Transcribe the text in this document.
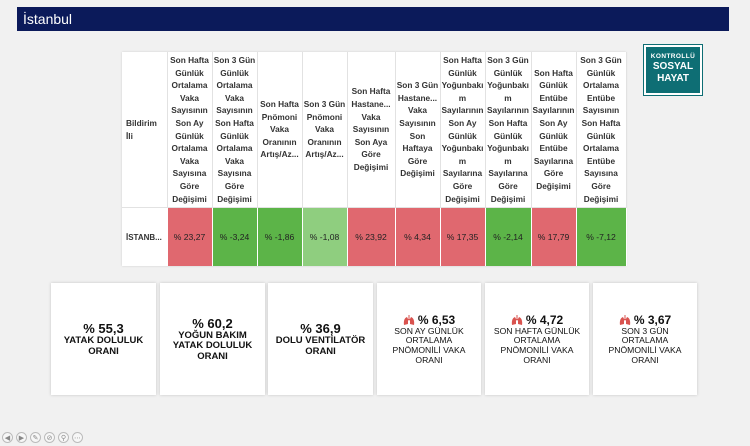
İstanbul
Bildirim İli	Son Hafta Günlük Ortalama Vaka Sayısının Son Ay Günlük Ortalama Vaka Sayısına Göre Değişimi	Son 3 Gün Günlük Ortalama Vaka Sayısının Son Hafta Günlük Ortalama Vaka Sayısına Göre Değişimi	Son Hafta Pnömoni Vaka Oranının Artış/Az...	Son 3 Gün Pnömoni Vaka Oranının Artış/Az...	Son Hafta Hastane... Vaka Sayısının Son Aya Göre Değişimi	Son 3 Gün Hastane... Vaka Sayısının Son Haftaya Göre Değişimi	Son Hafta Günlük Yoğunbakım Sayılarının Son Ay Günlük Yoğunbakım Sayılarına Göre Değişimi	Son 3 Gün Günlük Yoğunbakım Sayılarının Son Hafta Günlük Yoğunbakım Sayılarına Göre Değişimi	Son Hafta Günlük Entübe Sayılarının Son Ay Günlük Entübe Sayılarına Göre Değişimi	Son 3 Gün Günlük Ortalama Entübe Sayısının Son Hafta Günlük Ortalama Entübe Sayısına Göre Değişimi
İSTANB...	% 23,27	% -3,24	% -1,86	% -1,08	% 23,92	% 4,34	% 17,35	% -2,14	% 17,79	% -7,12
KONTROLLÜ
SOSYAL
HAYAT
% 55,3
YATAK DOLULUK ORANI
% 60,2
YOĞUN BAKIM YATAK DOLULUK ORANI
% 36,9
DOLU VENTİLATÖR ORANI
% 6,53
SON AY GÜNLÜK ORTALAMA PNÖMONİLİ VAKA ORANI
% 4,72
SON HAFTA GÜNLÜK ORTALAMA PNÖMONİLİ VAKA ORANI
% 3,67
SON 3 GÜN ORTALAMA PNÖMONİLİ VAKA ORANI
◀	▶	✎	⊘	⚲	⋯
